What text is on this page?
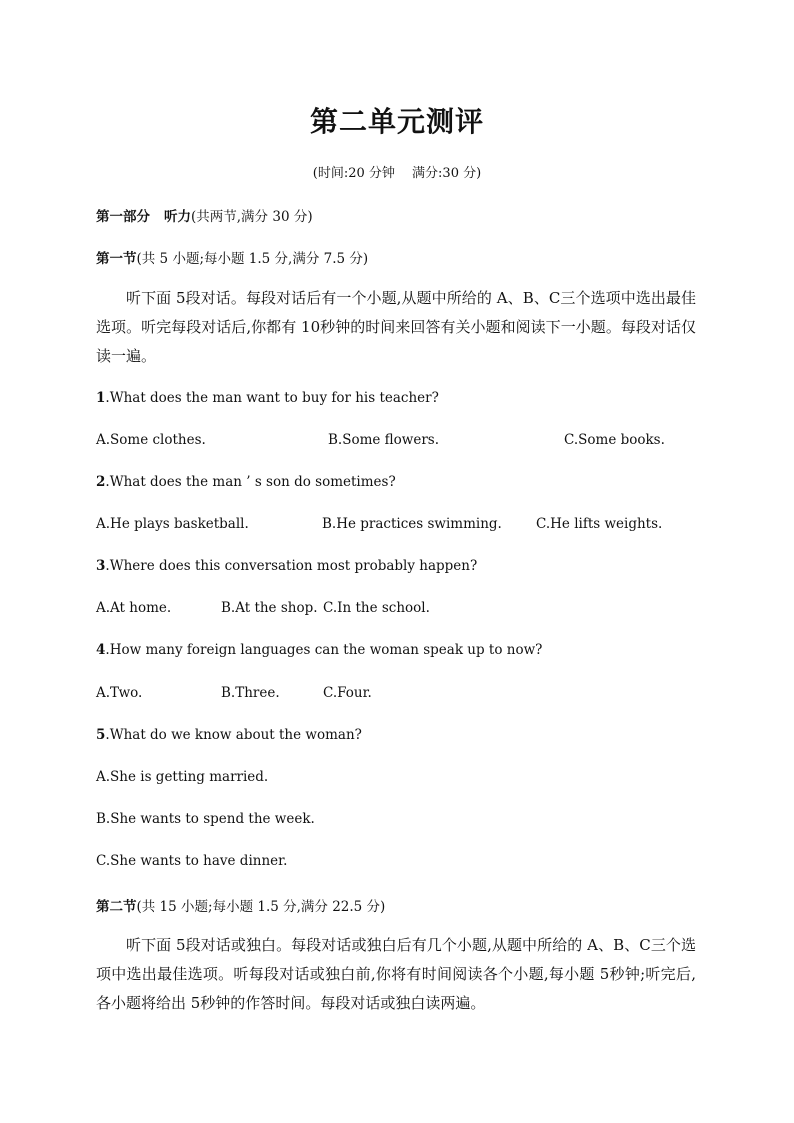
第二单元测评
(时间:20 分钟　 满分:30 分)
第一部分 听力(共两节,满分 30 分)
第一节(共 5 小题;每小题 1.5 分,满分 7.5 分)
听下面 5段对话。每段对话后有一个小题,从题中所给的 A、B、C三个选项中选出最佳选项。听完每段对话后,你都有 10秒钟的时间来回答有关小题和阅读下一小题。每段对话仅读一遍。
1.What does the man want to buy for his teacher?
A.Some clothes.	B.Some flowers.	C.Some books.
2.What does the man ’ s son do sometimes?
A.He plays basketball.	B.He practices swimming.	C.He lifts weights.
3.Where does this conversation most probably happen?
A.At home.	B.At the shop. C.In the school.
4.How many foreign languages can the woman speak up to now?
A.Two.	B.Three.	C.Four.
5.What do we know about the woman?
A.She is getting married.
B.She wants to spend the week.
C.She wants to have dinner.
第二节(共 15 小题;每小题 1.5 分,满分 22.5 分)
听下面 5段对话或独白。每段对话或独白后有几个小题,从题中所给的 A、B、C三个选项中选出最佳选项。听每段对话或独白前,你将有时间阅读各个小题,每小题 5秒钟;听完后,各小题将给出 5秒钟的作答时间。每段对话或独白读两遍。
